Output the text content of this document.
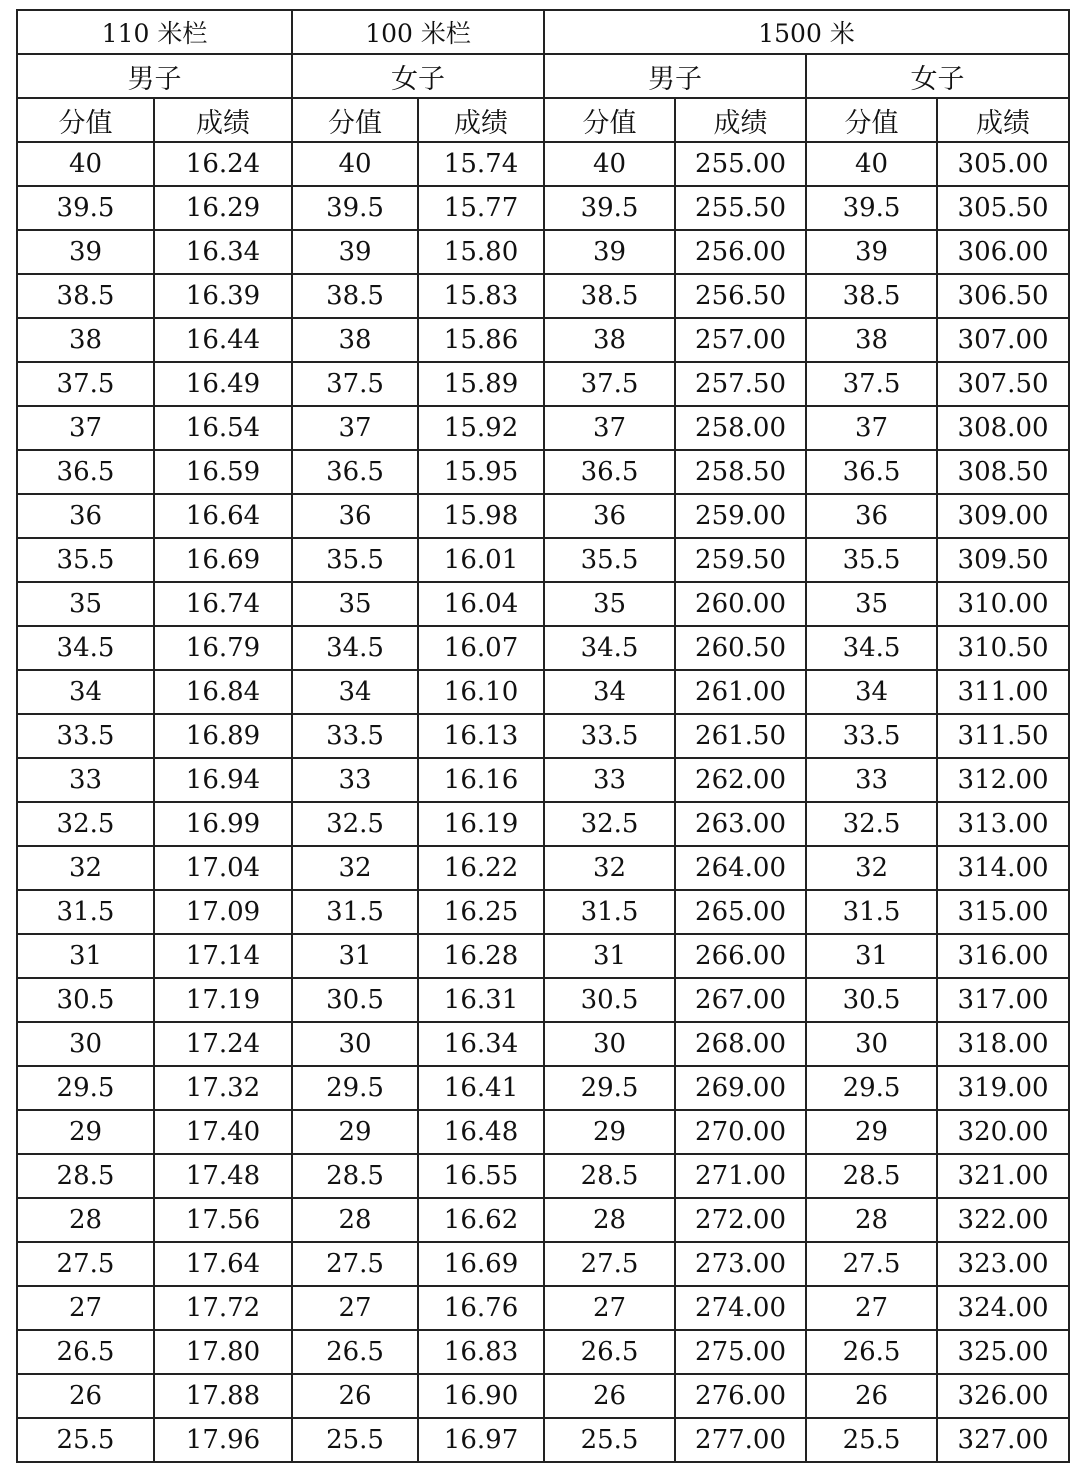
110 米栏		100 米栏		1500 米			
男子		女子		男子		女子	
分值	成绩	分值	成绩	分值	成绩	分值	成绩
40	16.24	40	15.74	40	255.00	40	305.00
39.5	16.29	39.5	15.77	39.5	255.50	39.5	305.50
39	16.34	39	15.80	39	256.00	39	306.00
38.5	16.39	38.5	15.83	38.5	256.50	38.5	306.50
38	16.44	38	15.86	38	257.00	38	307.00
37.5	16.49	37.5	15.89	37.5	257.50	37.5	307.50
37	16.54	37	15.92	37	258.00	37	308.00
36.5	16.59	36.5	15.95	36.5	258.50	36.5	308.50
36	16.64	36	15.98	36	259.00	36	309.00
35.5	16.69	35.5	16.01	35.5	259.50	35.5	309.50
35	16.74	35	16.04	35	260.00	35	310.00
34.5	16.79	34.5	16.07	34.5	260.50	34.5	310.50
34	16.84	34	16.10	34	261.00	34	311.00
33.5	16.89	33.5	16.13	33.5	261.50	33.5	311.50
33	16.94	33	16.16	33	262.00	33	312.00
32.5	16.99	32.5	16.19	32.5	263.00	32.5	313.00
32	17.04	32	16.22	32	264.00	32	314.00
31.5	17.09	31.5	16.25	31.5	265.00	31.5	315.00
31	17.14	31	16.28	31	266.00	31	316.00
30.5	17.19	30.5	16.31	30.5	267.00	30.5	317.00
30	17.24	30	16.34	30	268.00	30	318.00
29.5	17.32	29.5	16.41	29.5	269.00	29.5	319.00
29	17.40	29	16.48	29	270.00	29	320.00
28.5	17.48	28.5	16.55	28.5	271.00	28.5	321.00
28	17.56	28	16.62	28	272.00	28	322.00
27.5	17.64	27.5	16.69	27.5	273.00	27.5	323.00
27	17.72	27	16.76	27	274.00	27	324.00
26.5	17.80	26.5	16.83	26.5	275.00	26.5	325.00
26	17.88	26	16.90	26	276.00	26	326.00
25.5	17.96	25.5	16.97	25.5	277.00	25.5	327.00
